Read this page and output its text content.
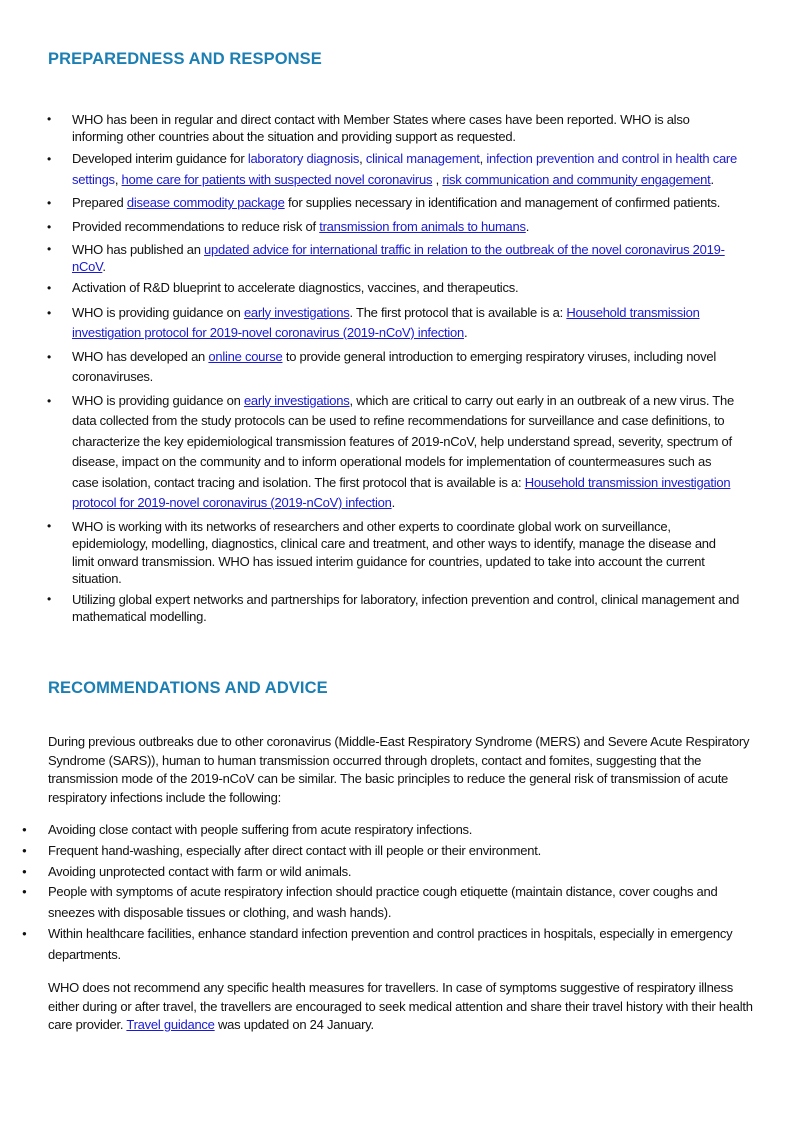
PREPAREDNESS AND RESPONSE
• WHO has been in regular and direct contact with Member States where cases have been reported. WHO is also informing other countries about the situation and providing support as requested.
• Developed interim guidance for laboratory diagnosis, clinical management, infection prevention and control in health care settings, home care for patients with suspected novel coronavirus , risk communication and community engagement.
• Prepared disease commodity package for supplies necessary in identification and management of confirmed patients.
• Provided recommendations to reduce risk of transmission from animals to humans.
• WHO has published an updated advice for international traffic in relation to the outbreak of the novel coronavirus 2019-nCoV.
• Activation of R&D blueprint to accelerate diagnostics, vaccines, and therapeutics.
• WHO is providing guidance on early investigations. The first protocol that is available is a: Household transmission investigation protocol for 2019-novel coronavirus (2019-nCoV) infection.
• WHO has developed an online course to provide general introduction to emerging respiratory viruses, including novel coronaviruses.
• WHO is providing guidance on early investigations, which are critical to carry out early in an outbreak of a new virus. The data collected from the study protocols can be used to refine recommendations for surveillance and case definitions, to characterize the key epidemiological transmission features of 2019-nCoV, help understand spread, severity, spectrum of disease, impact on the community and to inform operational models for implementation of countermeasures such as case isolation, contact tracing and isolation. The first protocol that is available is a: Household transmission investigation protocol for 2019-novel coronavirus (2019-nCoV) infection.
• WHO is working with its networks of researchers and other experts to coordinate global work on surveillance, epidemiology, modelling, diagnostics, clinical care and treatment, and other ways to identify, manage the disease and limit onward transmission. WHO has issued interim guidance for countries, updated to take into account the current situation.
• Utilizing global expert networks and partnerships for laboratory, infection prevention and control, clinical management and mathematical modelling.
RECOMMENDATIONS AND ADVICE

During previous outbreaks due to other coronavirus (Middle-East Respiratory Syndrome (MERS) and Severe Acute Respiratory Syndrome (SARS)), human to human transmission occurred through droplets, contact and fomites, suggesting that the transmission mode of the 2019-nCoV can be similar. The basic principles to reduce the general risk of transmission of acute respiratory infections include the following:

● Avoiding close contact with people suffering from acute respiratory infections.
● Frequent hand-washing, especially after direct contact with ill people or their environment.
● Avoiding unprotected contact with farm or wild animals.
● People with symptoms of acute respiratory infection should practice cough etiquette (maintain distance, cover coughs and sneezes with disposable tissues or clothing, and wash hands).
● Within healthcare facilities, enhance standard infection prevention and control practices in hospitals, especially in emergency departments.

WHO does not recommend any specific health measures for travellers. In case of symptoms suggestive of respiratory illness either during or after travel, the travellers are encouraged to seek medical attention and share their travel history with their health care provider. Travel guidance was updated on 24 January.
